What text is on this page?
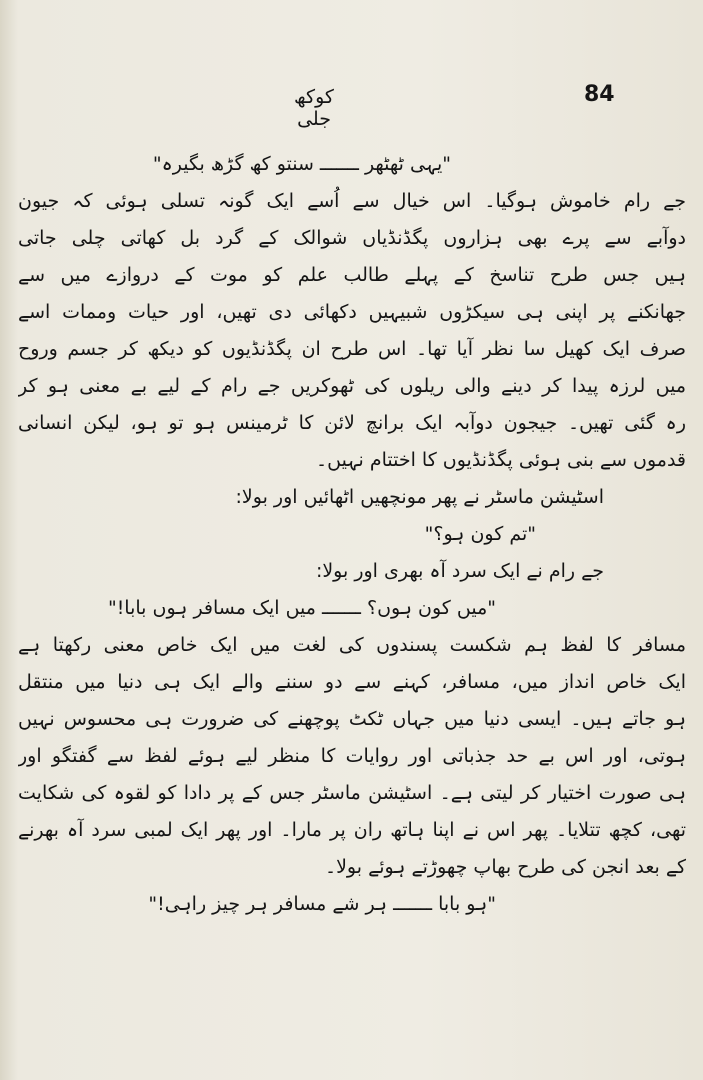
84
کوکھ جلی
"یہی ٹھٹھر ـــــــ سنتو کھ گڑھ بگیرہ"
جے رام خاموش ہوگیا۔ اس خیال سے اُسے ایک گونہ تسلی ہوئی کہ جیون
دوآبے سے پرے بھی ہزاروں پگڈنڈیاں شوالک کے گرد بل کھاتی چلی جاتی
ہیں جس طرح تناسخ کے پہلے طالب علم کو موت کے دروازے میں سے
جھانکنے پر اپنی ہی سیکڑوں شبیہیں دکھائی دی تھیں، اور حیات وممات اسے
صرف ایک کھیل سا نظر آیا تھا۔ اس طرح ان پگڈنڈیوں کو دیکھ کر جسم وروح
میں لرزہ پیدا کر دینے والی ریلوں کی ٹھوکریں جے رام کے لیے بے معنی ہو کر
رہ گئی تھیں۔ جیجون دوآبہ ایک برانچ لائن کا ٹرمینس ہو تو ہو، لیکن انسانی
قدموں سے بنی ہوئی پگڈنڈیوں کا اختتام نہیں۔
اسٹیشن ماسٹر نے پھر مونچھیں اٹھائیں اور بولا:
"تم کون ہو؟"
جے رام نے ایک سرد آہ بھری اور بولا:
"میں کون ہوں؟ ـــــــ میں ایک مسافر ہوں بابا!"
مسافر کا لفظ ہم شکست پسندوں کی لغت میں ایک خاص معنی رکھتا ہے
ایک خاص انداز میں، مسافر، کہنے سے دو سننے والے ایک ہی دنیا میں منتقل
ہو جاتے ہیں۔ ایسی دنیا میں جہاں ٹکٹ پوچھنے کی ضرورت ہی محسوس نہیں
ہوتی، اور اس بے حد جذباتی اور روایات کا منظر لیے ہوئے لفظ سے گفتگو اور
ہی صورت اختیار کر لیتی ہے۔ اسٹیشن ماسٹر جس کے پر دادا کو لقوہ کی شکایت
تھی، کچھ تتلایا۔ پھر اس نے اپنا ہاتھ ران پر مارا۔ اور پھر ایک لمبی سرد آہ بھرنے
کے بعد انجن کی طرح بھاپ چھوڑتے ہوئے بولا۔
"ہو بابا ـــــــ ہر شے مسافر ہر چیز راہی!"
